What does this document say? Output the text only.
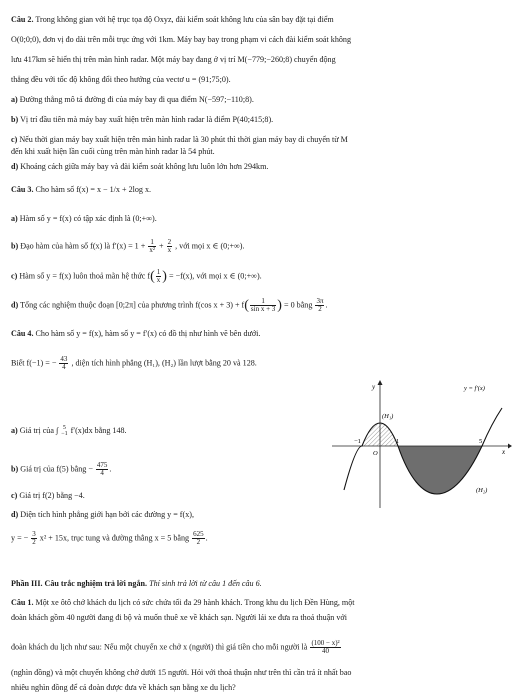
Câu 2. Trong không gian với hệ trục tọa độ Oxyz, đài kiểm soát không lưu của sân bay đặt tại điểm
O(0;0;0), đơn vị đo dài trên mỗi trục ứng với 1km. Máy bay bay trong phạm vi cách đài kiểm soát không
lưu 417km sẽ hiển thị trên màn hình radar. Một máy bay đang ở vị trí M(−779;−260;8) chuyển động
thẳng đều với tốc độ không đổi theo hướng của vectơ u = (91;75;0).
a) Đường thẳng mô tả đường đi của máy bay đi qua điểm N(−597;−110;8).
b) Vị trí đầu tiên mà máy bay xuất hiện trên màn hình radar là điểm P(40;415;8).
c) Nếu thời gian máy bay xuất hiện trên màn hình radar là 30 phút thì thời gian máy bay di chuyển từ M
đến khi xuất hiện lần cuối cùng trên màn hình radar là 54 phút.
d) Khoảng cách giữa máy bay và đài kiểm soát không lưu luôn lớn hơn 294km.
Câu 3. Cho hàm số f(x) = x − 1/x + 2log x.
a) Hàm số y = f(x) có tập xác định là (0;+∞).
b) Đạo hàm của hàm số f(x) là $f'(x) = 1 + \frac{1}{\text{x²}} + \frac{2}{x}$ , với mọi x ∈ (0;+∞).
c) Hàm số y = f(x) luôn thoả mãn hệ thức $f( \frac{1}{x}$ ) = −f(x), với mọi x ∈ (0;+∞).
d) Tổng các nghiệm thuộc đoạn [0;2π] của phương trình f(cos $x + 3) + f( \frac{1}{\text{sin x + 3}}$ ) = 0 bằng $\frac{3\pi}{2}$ .
Câu 4. Cho hàm số y = f(x), hàm số y = f′(x) có đồ thị như hình vẽ bên dưới.
Biết f(−1) = − $\frac{43}{4}$ , diện tích hình phẳng (H₁), (H₂) lần lượt bằng 20 và 128.
a) Giá trị của ∫ 5
−1 f′(x)dx bằng 148.
b) Giá trị của f(5) bằng − $\frac{475}{4}$ .
c) Giá trị f(2) bằng −4.
d) Diện tích hình phẳng giới hạn bởi các đường y = f(x),
y = − $\frac{3}{2} x^2 + 15x$, trục tung và đường thẳng x = 5 bằng $\frac{625}{2}$ .
y	y = f′(x)
(H₁)
(H₂)
x
O
−1	1	5
Phần III. Câu trắc nghiệm trả lời ngắn. Thí sinh trả lời từ câu 1 đến câu 6.
Câu 1. Một xe ôtô chở khách du lịch có sức chứa tối đa 29 hành khách. Trong khu du lịch Đền Hùng, một
đoàn khách gồm 40 người đang đi bộ và muốn thuê xe về khách sạn. Người lái xe đưa ra thoả thuận với
đoàn khách du lịch như sau: Nếu một chuyến xe chở x (người) thì giá tiền cho mỗi người là $\frac{\text{(100 − x)²}}{40}$
(nghìn đồng) và một chuyến không chở dưới 15 người. Hỏi với thoả thuận như trên thì cần trả ít nhất bao
nhiêu nghìn đồng để cả đoàn được đưa về khách sạn bằng xe du lịch?
